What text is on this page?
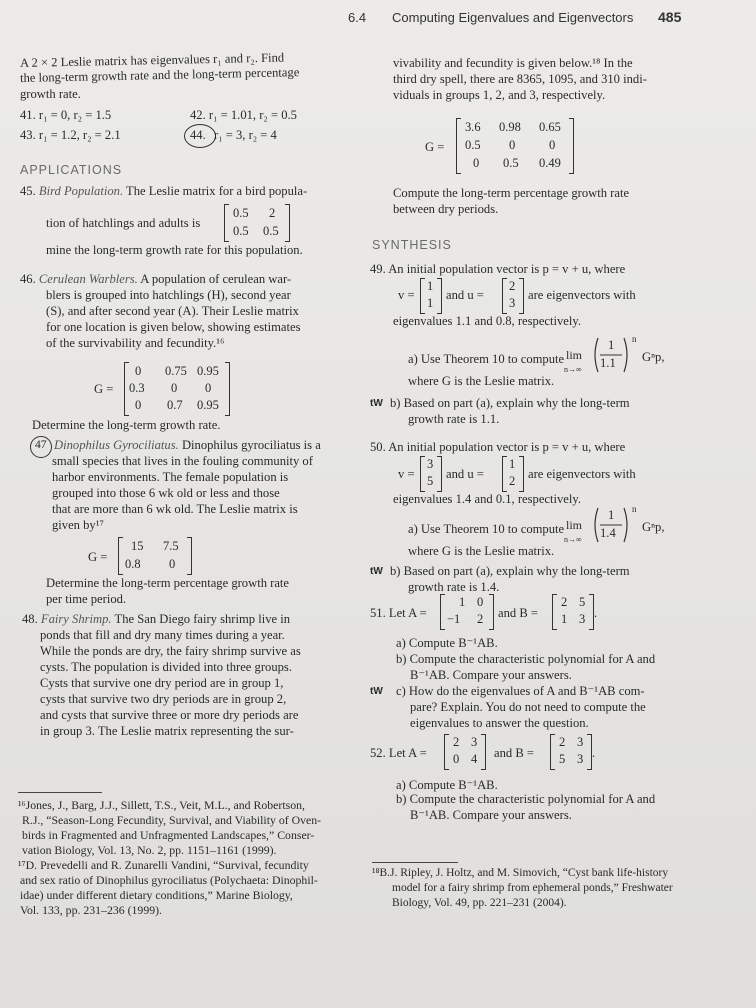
6.4 Computing Eigenvalues and Eigenvectors 485
A 2 × 2 Leslie matrix has eigenvalues r₁ and r₂. Find
the long-term growth rate and the long-term percentage
growth rate.
41. r₁ = 0, r₂ = 1.5	42. r₁ = 1.01, r₂ = 0.5
43. r₁ = 1.2, r₂ = 2.1	44. r₁ = 3, r₂ = 4
APPLICATIONS
45. Bird Population. The Leslie matrix for a bird popula-
tion of hatchlings and adults is
0.5 2
0.5 0.5
mine the long-term growth rate for this population.
46. Cerulean Warblers. A population of cerulean war-
blers is grouped into hatchlings (H), second year
(S), and after second year (A). Their Leslie matrix
for one location is given below, showing estimates
of the survivability and fecundity.¹⁶
G =
0 0.75 0.95
0.3 0 0
0 0.7 0.95
Determine the long-term growth rate.
47 Dinophilus Gyrociliatus. Dinophilus gyrociliatus is a
small species that lives in the fouling community of
harbor environments. The female population is
grouped into those 6 wk old or less and those
that are more than 6 wk old. The Leslie matrix is
given by¹⁷
G =
15 7.5
0.8 0
Determine the long-term percentage growth rate
per time period.
48. Fairy Shrimp. The San Diego fairy shrimp live in
ponds that fill and dry many times during a year.
While the ponds are dry, the fairy shrimp survive as
cysts. The population is divided into three groups.
Cysts that survive one dry period are in group 1,
cysts that survive two dry periods are in group 2,
and cysts that survive three or more dry periods are
in group 3. The Leslie matrix representing the sur-
¹⁶Jones, J., Barg, J.J., Sillett, T.S., Veit, M.L., and Robertson,
R.J., “Season-Long Fecundity, Survival, and Viability of Oven-
birds in Fragmented and Unfragmented Landscapes,” Conser-
vation Biology, Vol. 13, No. 2, pp. 1151–1161 (1999).
¹⁷D. Prevedelli and R. Zunarelli Vandini, “Survival, fecundity
and sex ratio of Dinophilus gyrociliatus (Polychaeta: Dinophil-
idae) under different dietary conditions,” Marine Biology,
Vol. 133, pp. 231–236 (1999).
vivability and fecundity is given below.¹⁸ In the
third dry spell, there are 8365, 1095, and 310 indi-
viduals in groups 1, 2, and 3, respectively.
G =
3.6 0.98 0.65
0.5 0	0
0 0.5 0.49
Compute the long-term percentage growth rate
between dry periods.
SYNTHESIS
49. An initial population vector is p = v + u, where
v =
1
1
and u =
2
3
are eigenvectors with
eigenvalues 1.1 and 0.8, respectively.
a) Use Theorem 10 to compute lim
n→∞
1
1.1
n
Gⁿp,
where G is the Leslie matrix.
tW b) Based on part (a), explain why the long-term
growth rate is 1.1.
50. An initial population vector is p = v + u, where
v =
3
5 and u =
1
2 are eigenvectors with
eigenvalues 1.4 and 0.1, respectively.
a) Use Theorem 10 to compute lim
n→∞
1
1.4
n
Gⁿp,
where G is the Leslie matrix.
tW b) Based on part (a), explain why the long-term
growth rate is 1.4.
51. Let A =
1 0
−1 2 and B =
2 5
1 3 .
a) Compute B⁻¹AB.
b) Compute the characteristic polynomial for A and
B⁻¹AB. Compare your answers.
tW c) How do the eigenvalues of A and B⁻¹AB com-
pare? Explain. You do not need to compute the
eigenvalues to answer the question.
52. Let A =
2 3
0 4 and B =
2 3
5 3 .
a) Compute B⁻¹AB.
b) Compute the characteristic polynomial for A and
B⁻¹AB. Compare your answers.
¹⁸B.J. Ripley, J. Holtz, and M. Simovich, “Cyst bank life-history
model for a fairy shrimp from ephemeral ponds,” Freshwater
Biology, Vol. 49, pp. 221–231 (2004).
